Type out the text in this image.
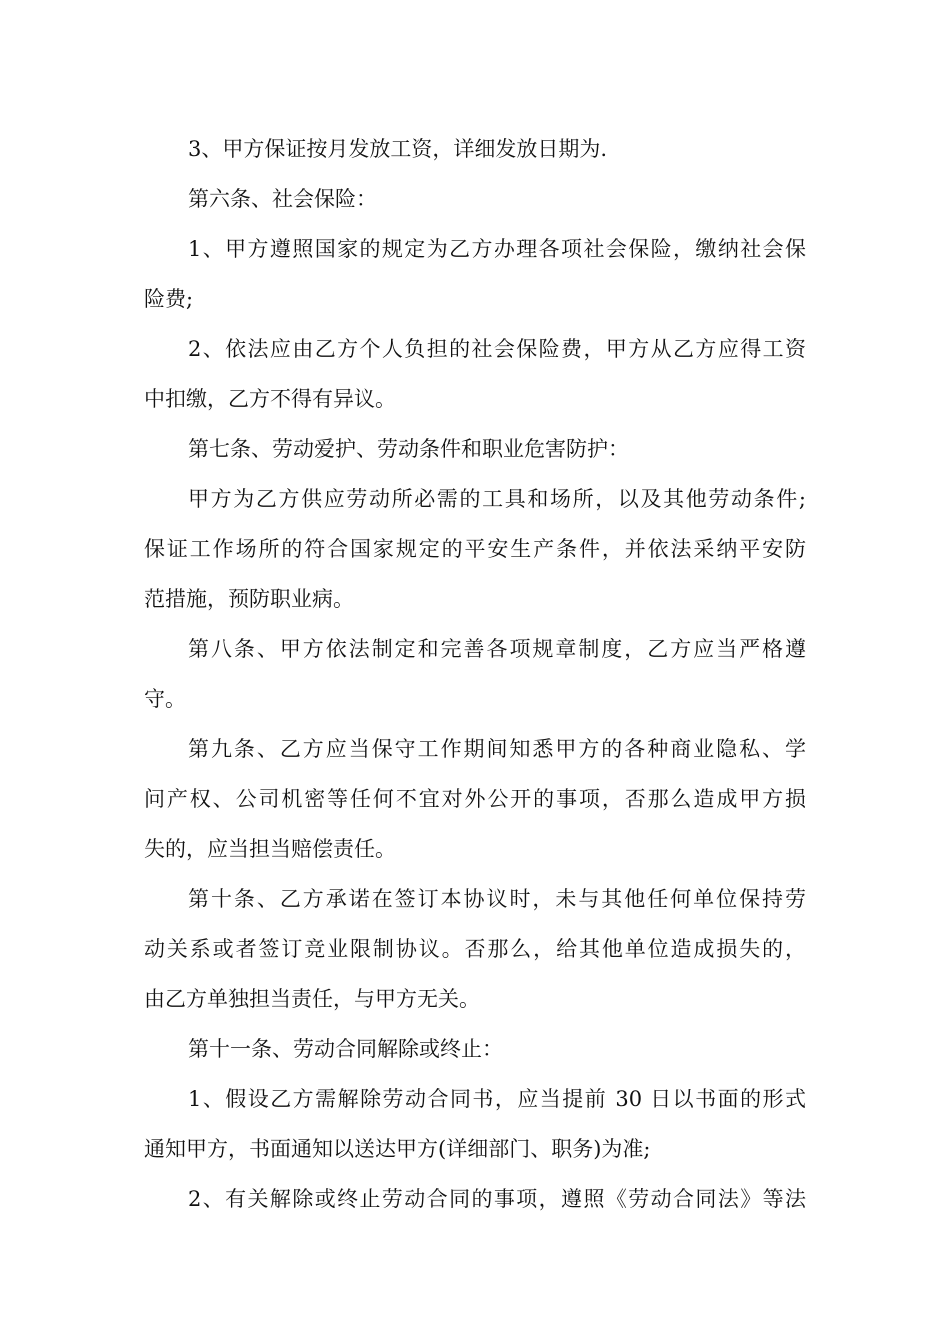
3、甲方保证按月发放工资，详细发放日期为.
第六条、社会保险：
1、甲方遵照国家的规定为乙方办理各项社会保险，缴纳社会保
险费;
2、依法应由乙方个人负担的社会保险费，甲方从乙方应得工资
中扣缴，乙方不得有异议。
第七条、劳动爱护、劳动条件和职业危害防护：
甲方为乙方供应劳动所必需的工具和场所，以及其他劳动条件;
保证工作场所的符合国家规定的平安生产条件，并依法采纳平安防
范措施，预防职业病。
第八条、甲方依法制定和完善各项规章制度，乙方应当严格遵
守。
第九条、乙方应当保守工作期间知悉甲方的各种商业隐私、学
问产权、公司机密等任何不宜对外公开的事项，否那么造成甲方损
失的，应当担当赔偿责任。
第十条、乙方承诺在签订本协议时，未与其他任何单位保持劳
动关系或者签订竞业限制协议。否那么，给其他单位造成损失的，
由乙方单独担当责任，与甲方无关。
第十一条、劳动合同解除或终止：
1、假设乙方需解除劳动合同书，应当提前 30 日以书面的形式
通知甲方，书面通知以送达甲方(详细部门、职务)为准;
2、有关解除或终止劳动合同的事项，遵照《劳动合同法》等法
